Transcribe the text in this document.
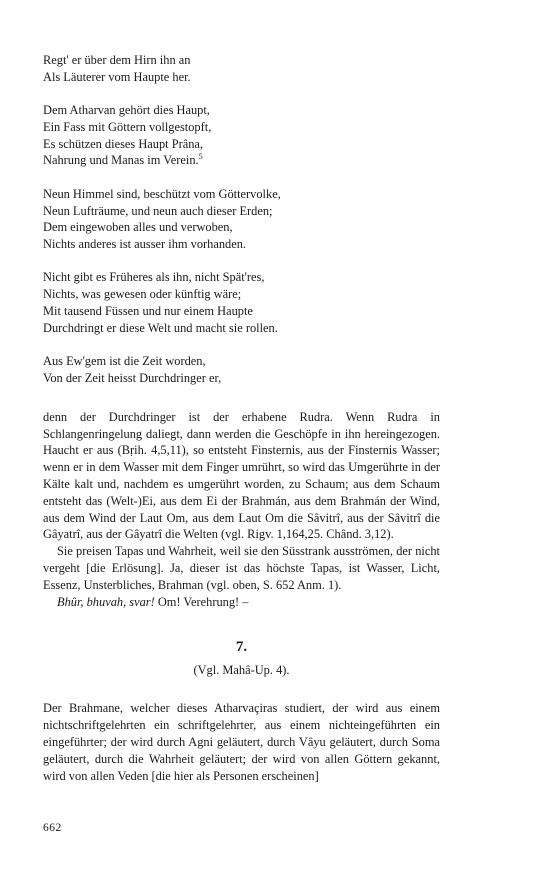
Regt' er über dem Hirn ihn an
Als Läuterer vom Haupte her.
Dem Atharvan gehört dies Haupt,
Ein Fass mit Göttern vollgestopft,
Es schützen dieses Haupt Prâna,
Nahrung und Manas im Verein.$^5$
Neun Himmel sind, beschützt vom Göttervolke,
Neun Lufträume, und neun auch dieser Erden;
Dem eingewoben alles und verwoben,
Nichts anderes ist ausser ihm vorhanden.
Nicht gibt es Früheres als ihn, nicht Spät'res,
Nichts, was gewesen oder künftig wäre;
Mit tausend Füssen und nur einem Haupte
Durchdringt er diese Welt und macht sie rollen.
Aus Ew'gem ist die Zeit worden,
Von der Zeit heisst Durchdringer er,

denn der Durchdringer ist der erhabene Rudra. Wenn Rudra in Schlangenringelung daliegt, dann werden die Geschöpfe in ihn hereingezogen. Haucht er aus (Bṛih. 4,5,11), so entsteht Finsternis, aus der Finsternis Wasser; wenn er in dem Wasser mit dem Finger umrührt, so wird das Umgerührte in der Kälte kalt und, nachdem es umgerührt worden, zu Schaum; aus dem Schaum entsteht das (Welt-)Ei, aus dem Ei der Brahmán, aus dem Brahmán der Wind, aus dem Wind der Laut Om, aus dem Laut Om die Sâvitrî, aus der Sâvitrî die Gâyatrî, aus der Gâyatrî die Welten (vgl. Rigv. 1,164,25. Chând. 3,12).

Sie preisen Tapas und Wahrheit, weil sie den Süsstrank ausströmen, der nicht vergeht [die Erlösung]. Ja, dieser ist das höchste Tapas, ist Wasser, Licht, Essenz, Unsterbliches, Brahman (vgl. oben, S. 652 Anm. 1).

Bhûr, bhuvah, svar! Om! Verehrung! –

7.
(Vgl. Mahâ-Up. 4).

Der Brahmane, welcher dieses Atharvaçiras studiert, der wird aus einem nichtschriftgelehrten ein schriftgelehrter, aus einem nichteingeführten ein eingeführter; der wird durch Agni geläutert, durch Vâyu geläutert, durch Soma geläutert, durch die Wahrheit geläutert; der wird von allen Göttern gekannt, wird von allen Veden [die hier als Personen erscheinen]

662
